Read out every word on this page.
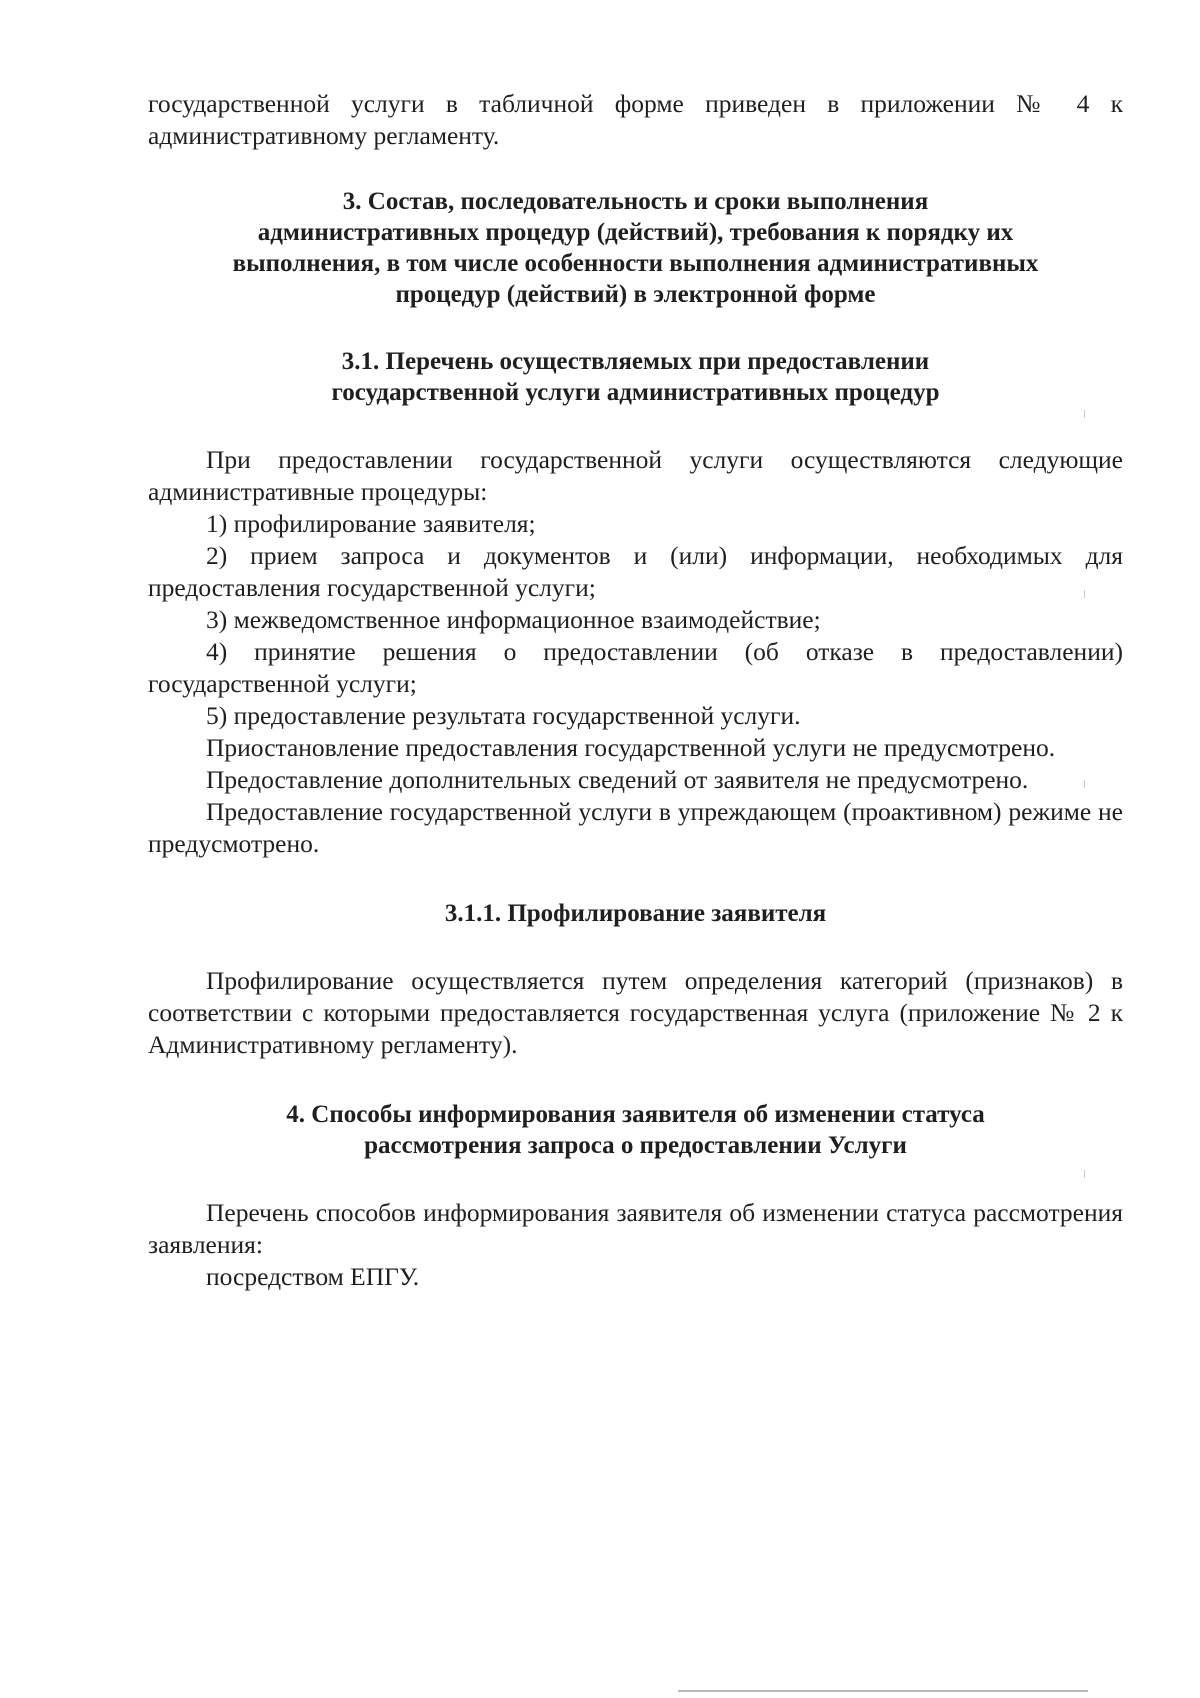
государственной услуги в табличной форме приведен в приложении № 4 к административному регламенту.

3. Состав, последовательность и сроки выполнения
административных процедур (действий), требования к порядку их
выполнения, в том числе особенности выполнения административных
процедур (действий) в электронной форме
3.1. Перечень осуществляемых при предоставлении
государственной услуги административных процедур

При предоставлении государственной услуги осуществляются следующие административные процедуры:

1) профилирование заявителя;

2) прием запроса и документов и (или) информации, необходимых для предоставления государственной услуги;

3) межведомственное информационное взаимодействие;

4) принятие решения о предоставлении (об отказе в предоставлении) государственной услуги;

5) предоставление результата государственной услуги.

Приостановление предоставления государственной услуги не предусмотрено.

Предоставление дополнительных сведений от заявителя не предусмотрено.

Предоставление государственной услуги в упреждающем (проактивном) режиме не предусмотрено.

3.1.1. Профилирование заявителя

Профилирование осуществляется путем определения категорий (признаков) в соответствии с которыми предоставляется государственная услуга (приложение № 2 к Административному регламенту).

4. Способы информирования заявителя об изменении статуса
рассмотрения запроса о предоставлении Услуги

Перечень способов информирования заявителя об изменении статуса рассмотрения заявления:

посредством ЕПГУ.
